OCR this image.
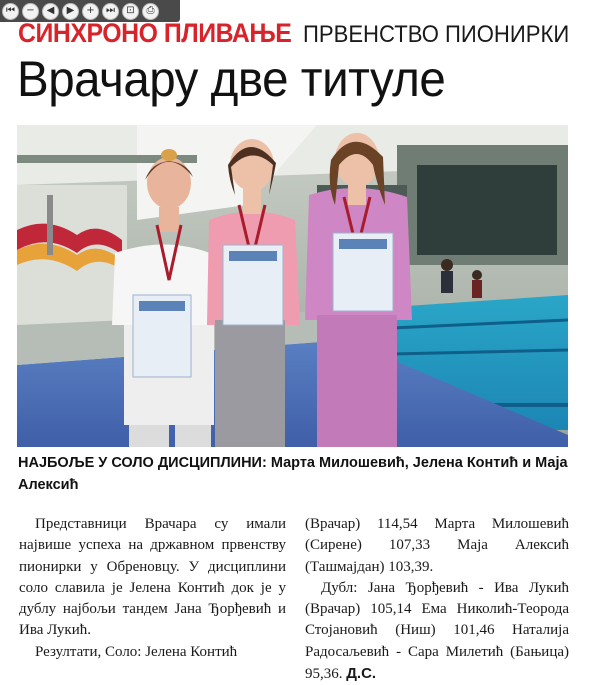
⏮	−	◀	▶	+	⏭	⊡	⎙
СИНХРОНО ПЛИВАЊЕ ПРВЕНСТВО ПИОНИРКИ
Врачару две титуле
НАЈБОЉЕ У СОЛО ДИСЦИПЛИНИ: Марта Милошевић, Јелена Контић и Маја Алексић

Представници Врачара су имали највише успеха на државном првенству пионирки у Обреновцу. У дисциплини соло славила је Јелена Контић док је у дублу најбољи тандем Јана Ђорђевић и Ива Лукић.

Резултати, Соло: Јелена Контић

(Врачар) 114,54 Марта Милошевић (Сирене) 107,33 Маја Алексић (Ташмајдан) 103,39.

Дубл: Јана Ђорђевић - Ива Лукић (Врачар) 105,14 Ема Николић-Теорода Стојановић (Ниш) 101,46 Наталија Радосаљевић - Сара Милетић (Бањица) 95,36. Д.С.
